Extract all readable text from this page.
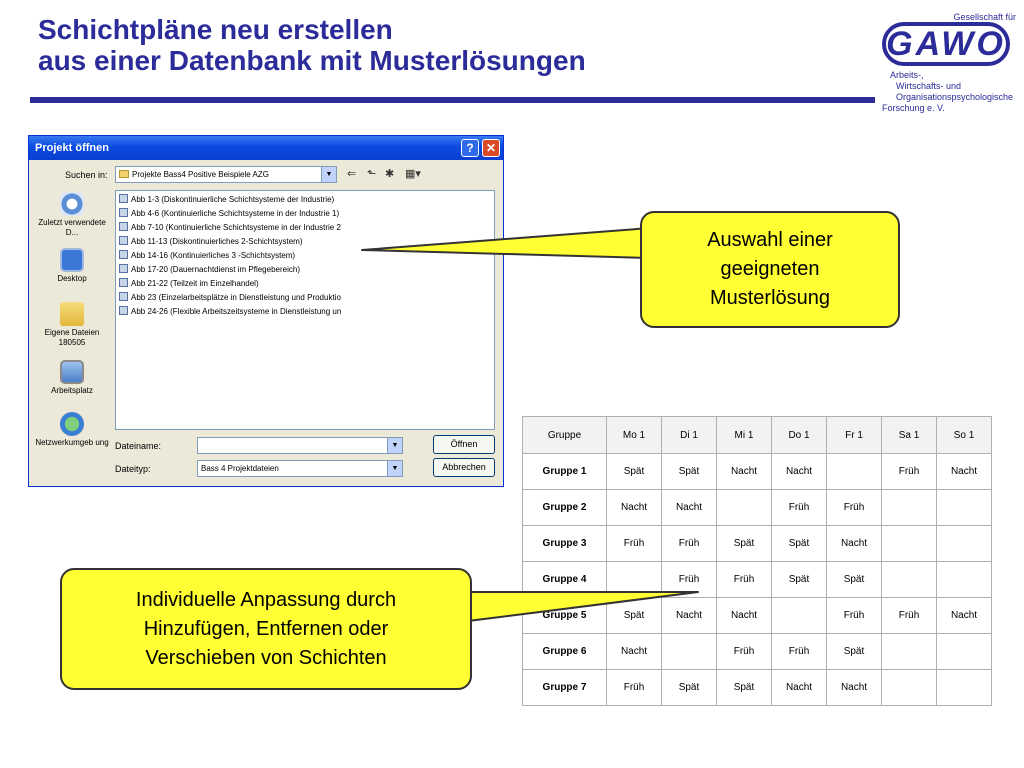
Schichtpläne neu erstellen
aus einer Datenbank mit Musterlösungen
Gesellschaft für
GAWO
Arbeits-,
Wirtschafts- und
Organisationspsychologische
Forschung e. V.
Projekt öffnen	?	✕
Suchen in:	Projekte Bass4 Positive Beispiele AZG	▼	⇐ ⬑ ✱ ▦▾
Zuletzt verwendete D...
Desktop
Eigene Dateien 180505
Arbeitsplatz
Netzwerkumgeb ung
Abb 1-3 (Diskontinuierliche Schichtsysteme der Industrie)
Abb 4-6 (Kontinuierliche Schichtsysteme in der Industrie 1)
Abb 7-10 (Kontinuierliche Schichtsysteme in der Industrie 2
Abb 11-13 (Diskontinuierliches 2-Schichtsystem)
Abb 14-16 (Kontinuierliches 3 -Schichtsystem)
Abb 17-20 (Dauernachtdienst im Pflegebereich)
Abb 21-22 (Teilzeit im Einzelhandel)
Abb 23 (Einzelarbeitsplätze in Dienstleistung und Produktio
Abb 24-26 (Flexible Arbeitszeitsysteme in Dienstleistung un
Dateiname:	▼
Dateityp:	Bass 4 Projektdateien	▼
Öffnen
Abbrechen
Gruppe	Mo 1	Di 1	Mi 1	Do 1	Fr 1	Sa 1	So 1
Gruppe 1	Spät	Spät	Nacht	Nacht		Früh	Nacht
Gruppe 2	Nacht	Nacht		Früh	Früh		
Gruppe 3	Früh	Früh	Spät	Spät	Nacht		
Gruppe 4		Früh	Früh	Spät	Spät		
Gruppe 5	Spät	Nacht	Nacht		Früh	Früh	Nacht
Gruppe 6	Nacht		Früh	Früh	Spät		
Gruppe 7	Früh	Spät	Spät	Nacht	Nacht		
Auswahl einer geeigneten Musterlösung
Individuelle Anpassung durch Hinzufügen, Entfernen oder Verschieben von Schichten
